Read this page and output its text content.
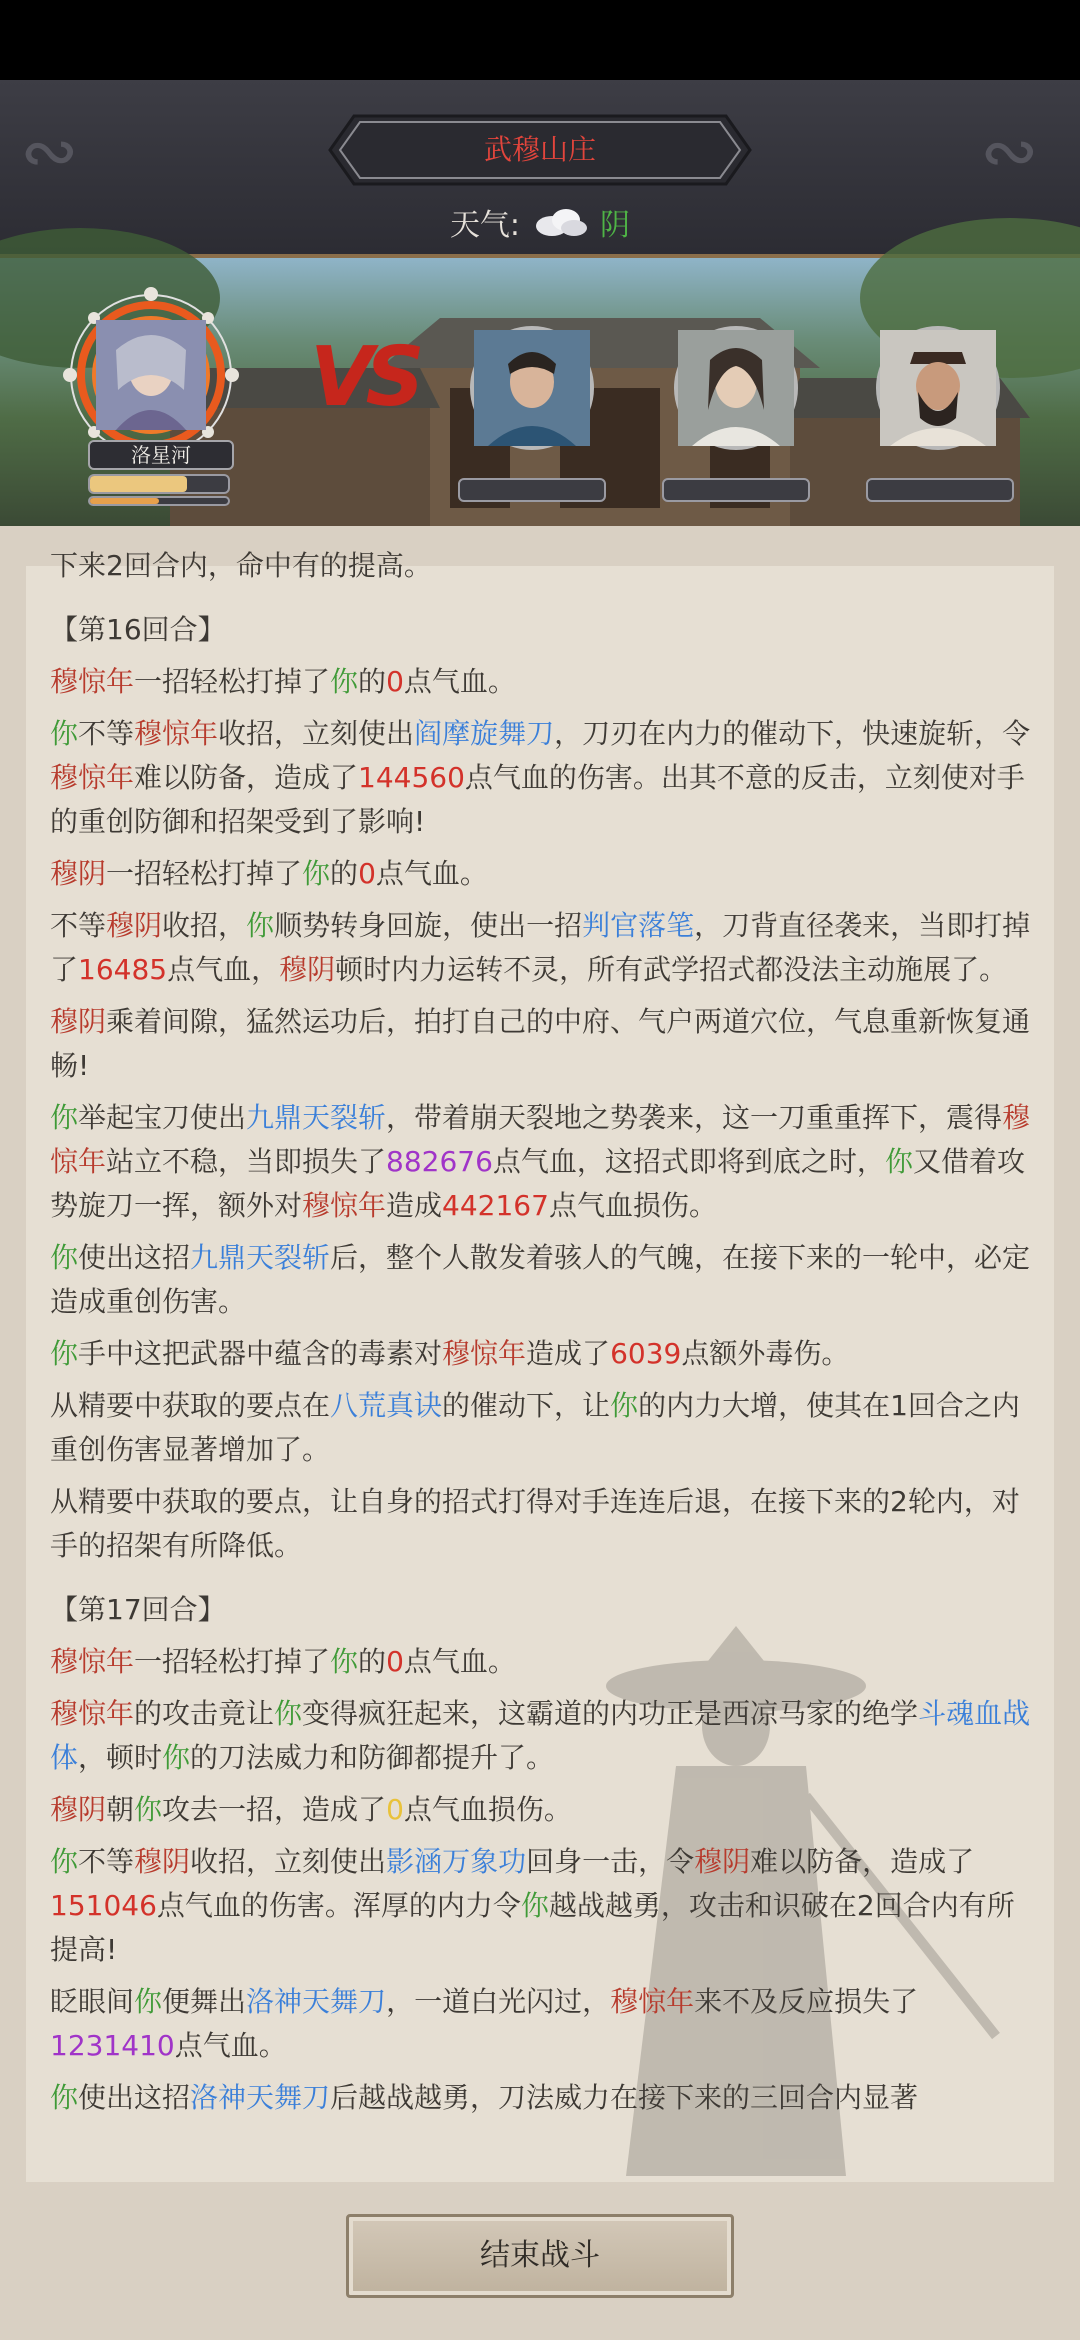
∾	∾
武穆山庄
天气:	阴
洛星河
VS

下来2回合内，命中有的提高。

【第16回合】

穆惊年一招轻松打掉了你的0点气血。

你不等穆惊年收招，立刻使出阎摩旋舞刀，刀刃在内力的催动下，快速旋斩，令穆惊年难以防备，造成了144560点气血的伤害。出其不意的反击，立刻使对手的重创防御和招架受到了影响!

穆阴一招轻松打掉了你的0点气血。

不等穆阴收招，你顺势转身回旋，使出一招判官落笔，刀背直径袭来，当即打掉了16485点气血，穆阴顿时内力运转不灵，所有武学招式都没法主动施展了。

穆阴乘着间隙，猛然运功后，拍打自己的中府、气户两道穴位，气息重新恢复通畅!

你举起宝刀使出九鼎天裂斩，带着崩天裂地之势袭来，这一刀重重挥下，震得穆惊年站立不稳，当即损失了882676点气血，这招式即将到底之时，你又借着攻势旋刀一挥，额外对穆惊年造成442167点气血损伤。

你使出这招九鼎天裂斩后，整个人散发着骇人的气魄，在接下来的一轮中，必定造成重创伤害。

你手中这把武器中蕴含的毒素对穆惊年造成了6039点额外毒伤。

从精要中获取的要点在八荒真诀的催动下，让你的内力大增，使其在1回合之内重创伤害显著增加了。

从精要中获取的要点，让自身的招式打得对手连连后退，在接下来的2轮内，对手的招架有所降低。

【第17回合】

穆惊年一招轻松打掉了你的0点气血。

穆惊年的攻击竟让你变得疯狂起来，这霸道的内功正是西凉马家的绝学斗魂血战体，顿时你的刀法威力和防御都提升了。

穆阴朝你攻去一招，造成了0点气血损伤。

你不等穆阴收招，立刻使出影涵万象功回身一击，令穆阴难以防备，造成了151046点气血的伤害。浑厚的内力令你越战越勇，攻击和识破在2回合内有所提高!

眨眼间你便舞出洛神天舞刀，一道白光闪过，穆惊年来不及反应损失了1231410点气血。

你使出这招洛神天舞刀后越战越勇，刀法威力在接下来的三回合内显著

结束战斗
